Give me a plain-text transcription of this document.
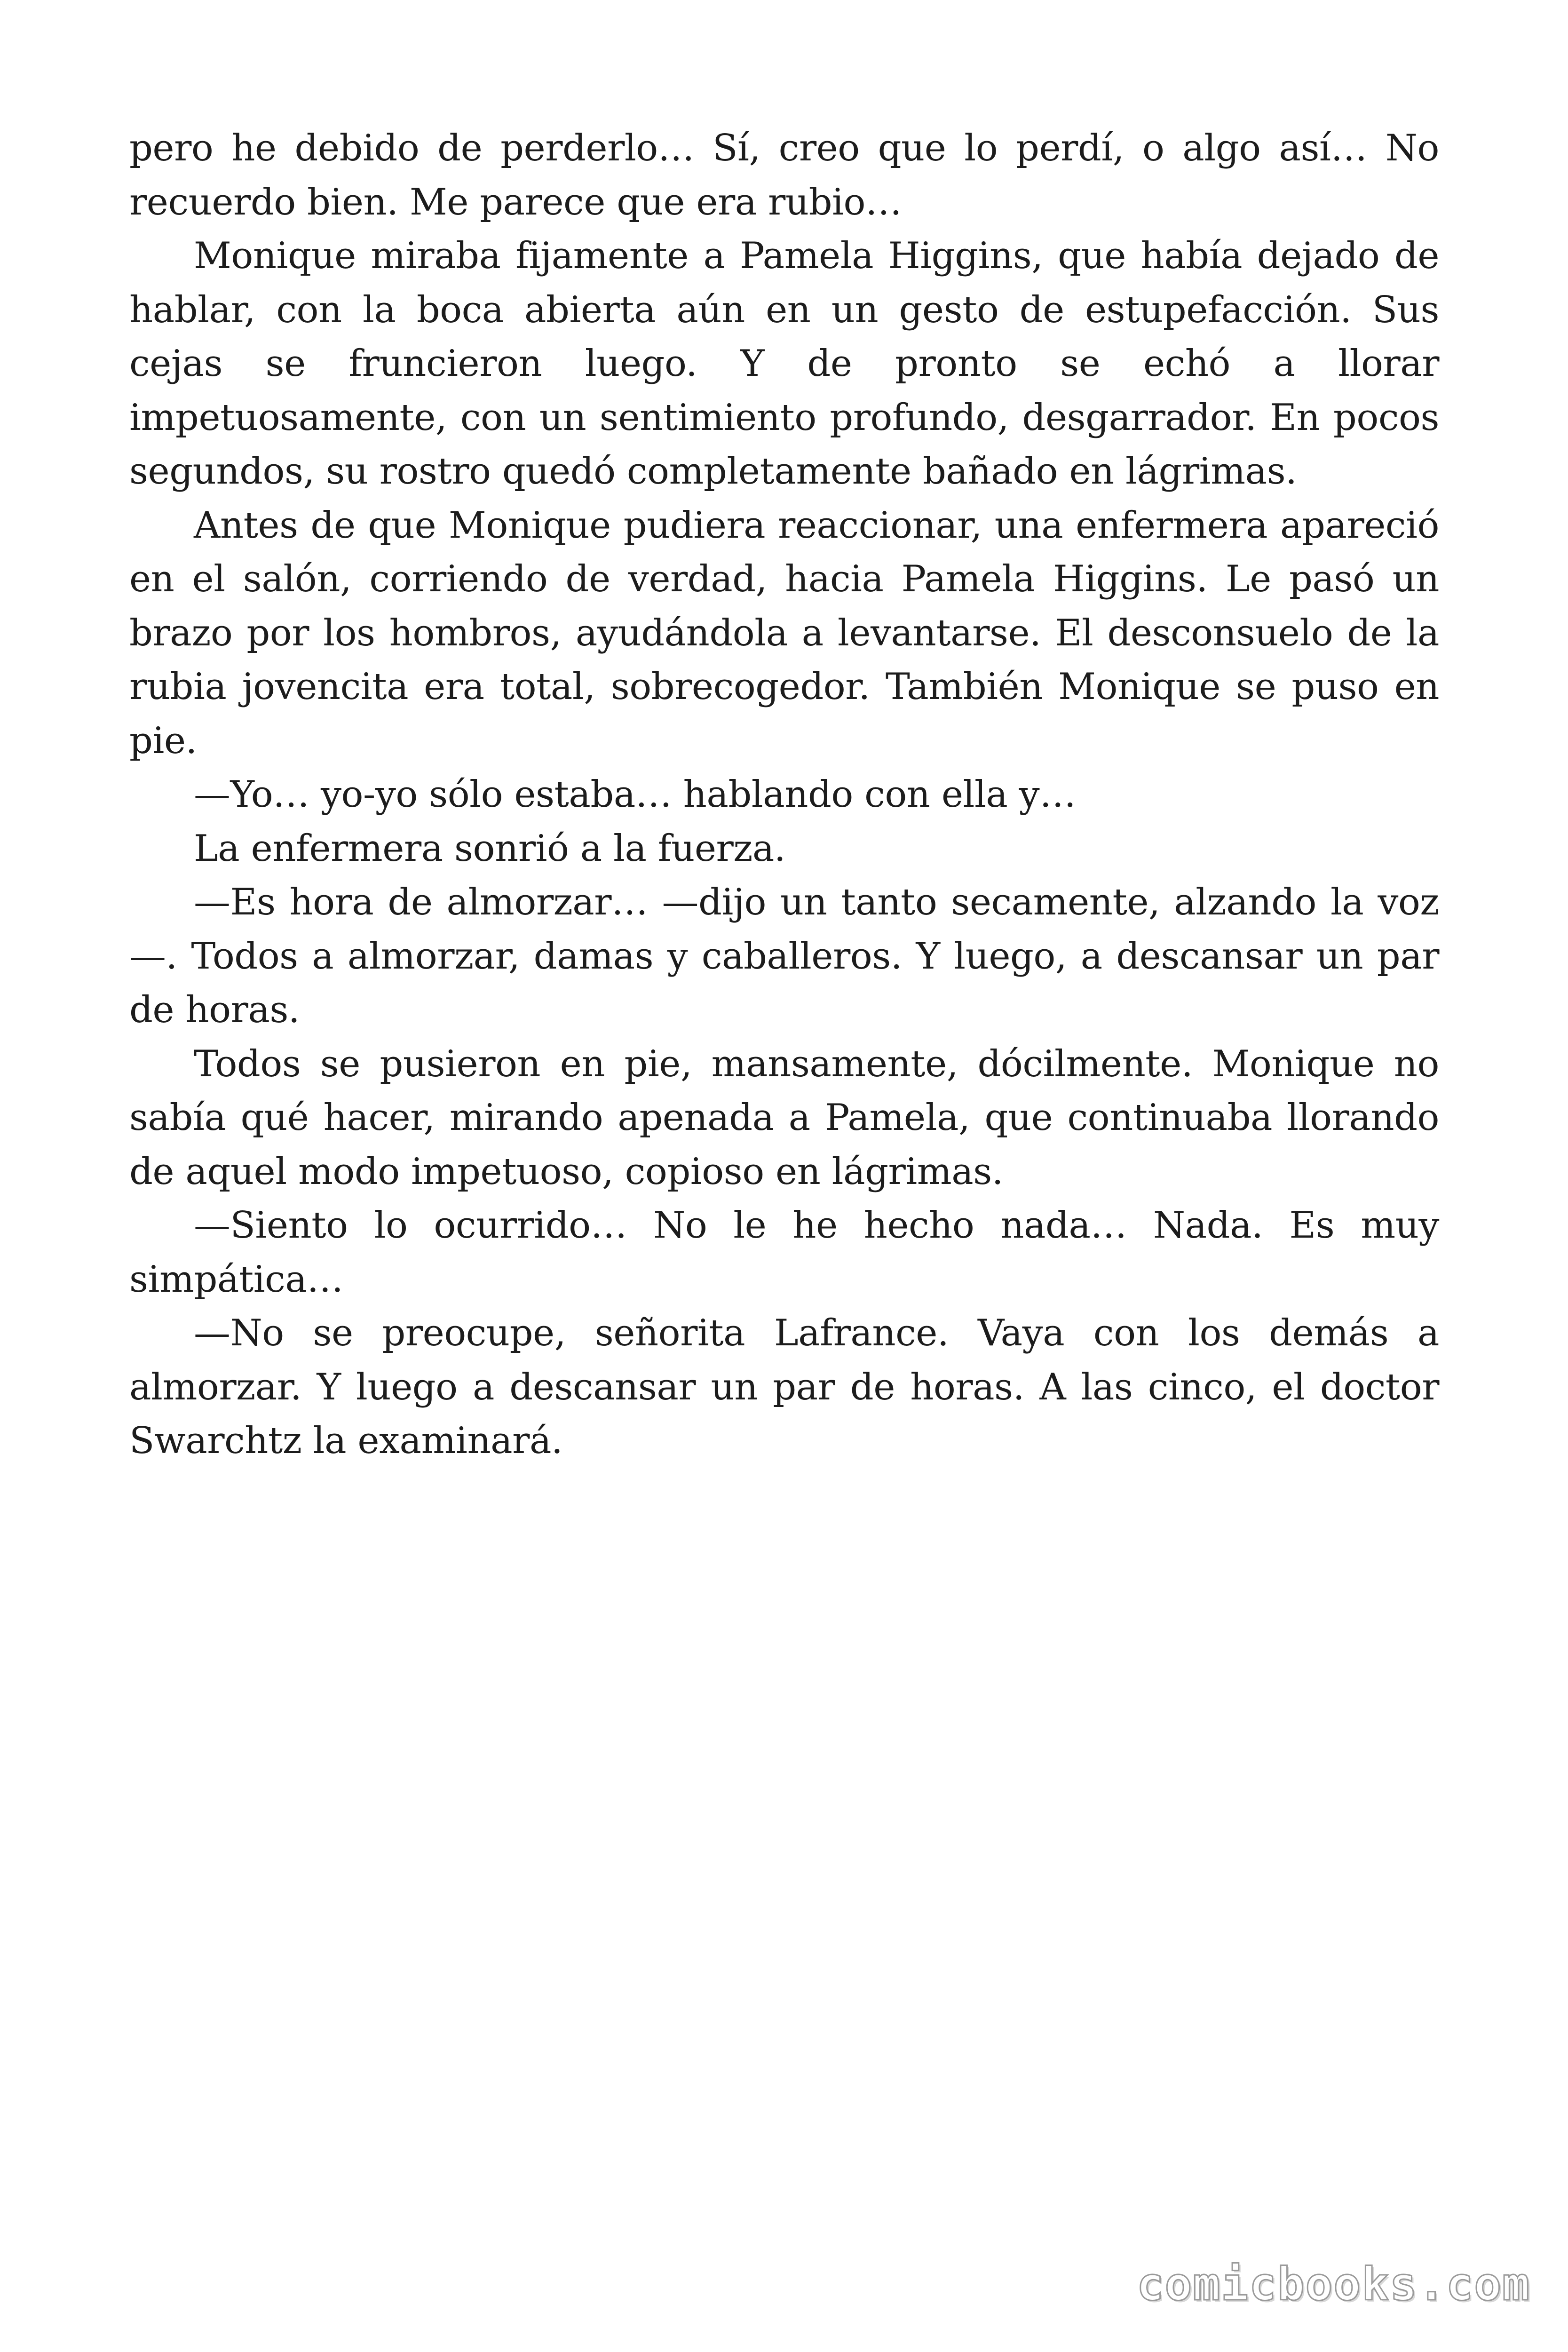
pero he debido de perderlo… Sí, creo que lo perdí, o algo así… No recuerdo bien. Me parece que era rubio…

Monique miraba fijamente a Pamela Higgins, que había dejado de hablar, con la boca abierta aún en un gesto de estupefacción. Sus cejas se fruncieron luego. Y de pronto se echó a llorar impetuosamente, con un sentimiento profundo, desgarrador. En pocos segundos, su rostro quedó completamente bañado en lágrimas.

Antes de que Monique pudiera reaccionar, una enfermera apareció en el salón, corriendo de verdad, hacia Pamela Higgins. Le pasó un brazo por los hombros, ayudándola a levantarse. El desconsuelo de la rubia jovencita era total, sobrecogedor. También Monique se puso en pie.

—Yo… yo-yo sólo estaba… hablando con ella y…

La enfermera sonrió a la fuerza.

—Es hora de almorzar… —dijo un tanto secamente, alzando la voz—. Todos a almorzar, damas y caballeros. Y luego, a descansar un par de horas.

Todos se pusieron en pie, mansamente, dócilmente. Monique no sabía qué hacer, mirando apenada a Pamela, que continuaba llorando de aquel modo impetuoso, copioso en lágrimas.

—Siento lo ocurrido… No le he hecho nada… Nada. Es muy simpática…

—No se preocupe, señorita Lafrance. Vaya con los demás a almorzar. Y luego a descansar un par de horas. A las cinco, el doctor Swarchtz la examinará.

comicbooks.com
